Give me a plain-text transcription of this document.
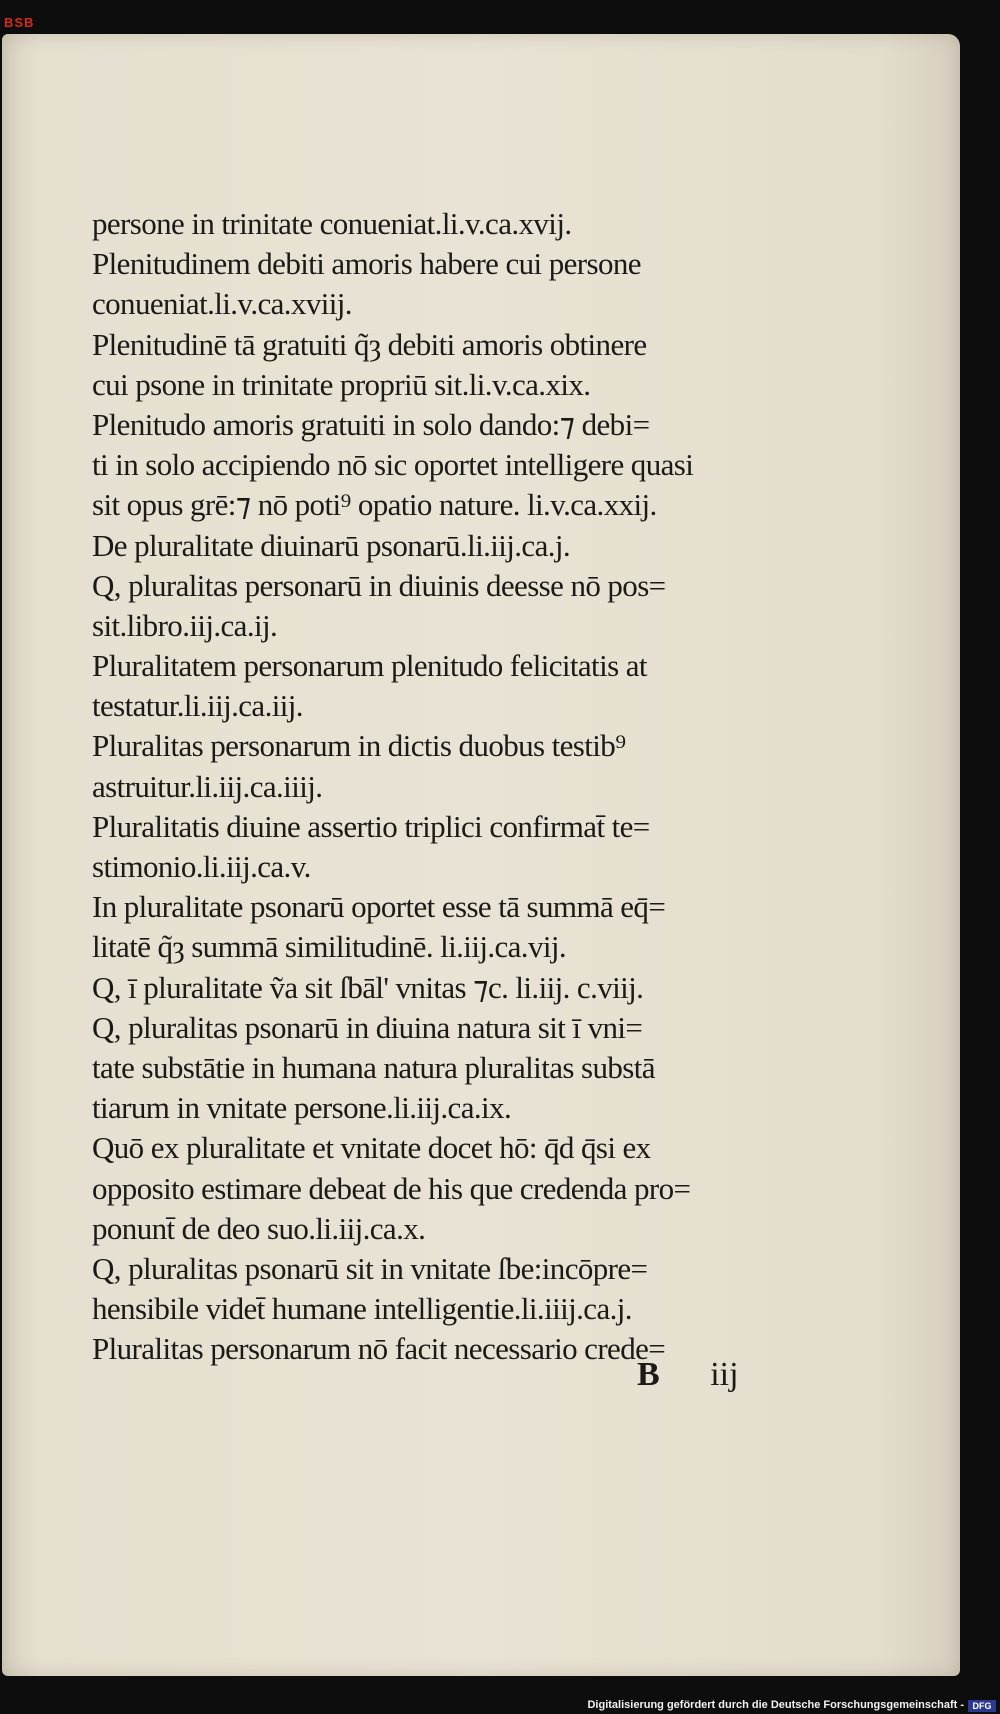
BSB
persone in trinitate conueniat.li.v.ca.xvij.
Plenitudinem debiti amoris habere cui persone
conueniat.li.v.ca.xviij.
Plenitudinē tā gratuiti q̃ȝ debiti amoris obtinere
cui psone in trinitate propriū sit.li.v.ca.xix.
Plenitudo amoris gratuiti in solo dando:⁊ debi=
ti in solo accipiendo nō sic oportet intelligere quasi
sit opus grē:⁊ nō poti⁹ opatio nature. li.v.ca.xxij.
De pluralitate diuinarū psonarū.li.iij.ca.j.
Q, pluralitas personarū in diuinis deesse nō pos=
sit.libro.iij.ca.ij.
Pluralitatem personarum plenitudo felicitatis at
testatur.li.iij.ca.iij.
Pluralitas personarum in dictis duobus testib⁹
astruitur.li.iij.ca.iiij.
Pluralitatis diuine assertio triplici confirmat̄ te=
stimonio.li.iij.ca.v.
In pluralitate psonarū oportet esse tā summā eq̄=
litatē q̃ȝ summā similitudinē. li.iij.ca.vij.
Q, ī pluralitate ṽa sit ſbāl' vnitas ⁊c. li.iij. c.viij.
Q, pluralitas psonarū in diuina natura sit ī vni=
tate substātie in humana natura pluralitas substā
tiarum in vnitate persone.li.iij.ca.ix.
Quō ex pluralitate et vnitate docet hō: q̄d q̄si ex
opposito estimare debeat de his que credenda pro=
ponunt̄ de deo suo.li.iij.ca.x.
Q, pluralitas psonarū sit in vnitate ſbe:incōpre=
hensibile videt̄ humane intelligentie.li.iiij.ca.j.
Pluralitas personarum nō facit necessario crede=
B iij
Digitalisierung gefördert durch die Deutsche Forschungsgemeinschaft - DFG
